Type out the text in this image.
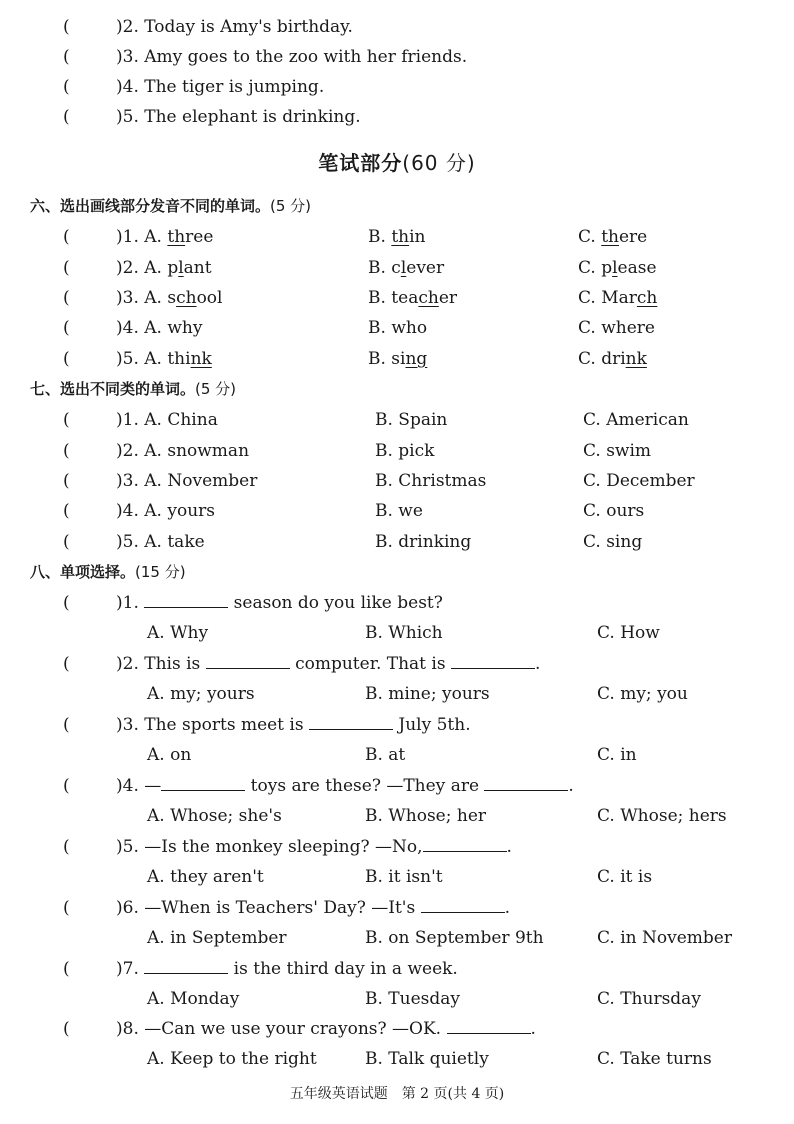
(	)2. Today is Amy's birthday.
(	)3. Amy goes to the zoo with her friends.
(	)4. The tiger is jumping.
(	)5. The elephant is drinking.
笔试部分(60 分)
六、选出画线部分发音不同的单词。(5 分)
(	)1. A. three	B. thin	C. there
(	)2. A. plant	B. clever	C. please
(	)3. A. school	B. teacher	C. March
(	)4. A. why	B. who	C. where
(	)5. A. think	B. sing	C. drink
七、选出不同类的单词。(5 分)
(	)1. A. China	B. Spain	C. American
(	)2. A. snowman	B. pick	C. swim
(	)3. A. November	B. Christmas	C. December
(	)4. A. yours	B. we	C. ours
(	)5. A. take	B. drinking	C. sing
八、单项选择。(15 分)
(	)1.	season do you like best?
A. Why	B. Which	C. How
(	)2. This is	computer. That is	.
A. my; yours	B. mine; yours	C. my; you
(	)3. The sports meet is	July 5th.
A. on	B. at	C. in
(	)4. —	toys are these? —They are	.
A. Whose; she's	B. Whose; her	C. Whose; hers
(	)5. —Is the monkey sleeping? —No,	.
A. they aren't	B. it isn't	C. it is
(	)6. —When is Teachers' Day? —It's	.
A. in September	B. on September 9th	C. in November
(	)7.	is the third day in a week.
A. Monday	B. Tuesday	C. Thursday
(	)8. —Can we use your crayons? —OK.	.
A. Keep to the right	B. Talk quietly	C. Take turns
五年级英语试题　第 2 页(共 4 页)
